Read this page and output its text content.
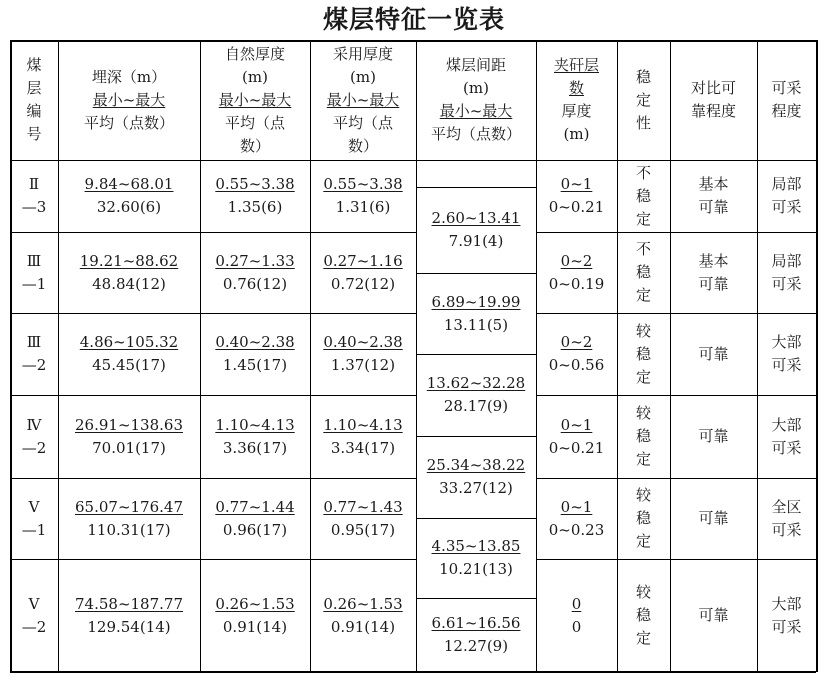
煤层特征一览表
煤
层
编
号
埋深（m）
最小~最大
平均（点数）
自然厚度
(m)
最小~最大
平均（点
数）
采用厚度
(m)
最小~最大
平均（点
数）
煤层间距
(m)
最小~最大
平均（点数）
夹矸层
数
厚度
(m)
稳
定
性
对比可
靠程度
可采
程度
Ⅱ
—3
9.84~68.01
32.60(6)
0.55~3.38
1.35(6)
0.55~3.38
1.31(6)
0~1
0~0.21
不
稳
定
基本
可靠
局部
可采
Ⅲ
—1
19.21~88.62
48.84(12)
0.27~1.33
0.76(12)
0.27~1.16
0.72(12)
0~2
0~0.19
不
稳
定
基本
可靠
局部
可采
Ⅲ
—2
4.86~105.32
45.45(17)
0.40~2.38
1.45(17)
0.40~2.38
1.37(12)
0~2
0~0.56
较
稳
定
可靠
大部
可采
Ⅳ
—2
26.91~138.63
70.01(17)
1.10~4.13
3.36(17)
1.10~4.13
3.34(17)
0~1
0~0.21
较
稳
定
可靠
大部
可采
Ⅴ
—1
65.07~176.47
110.31(17)
0.77~1.44
0.96(17)
0.77~1.43
0.95(17)
0~1
0~0.23
较
稳
定
可靠
全区
可采
Ⅴ
—2
74.58~187.77
129.54(14)
0.26~1.53
0.91(14)
0.26~1.53
0.91(14)
0
0
较
稳
定
可靠
大部
可采
2.60~13.41
7.91(4)
6.89~19.99
13.11(5)
13.62~32.28
28.17(9)
25.34~38.22
33.27(12)
4.35~13.85
10.21(13)
6.61~16.56
12.27(9)
